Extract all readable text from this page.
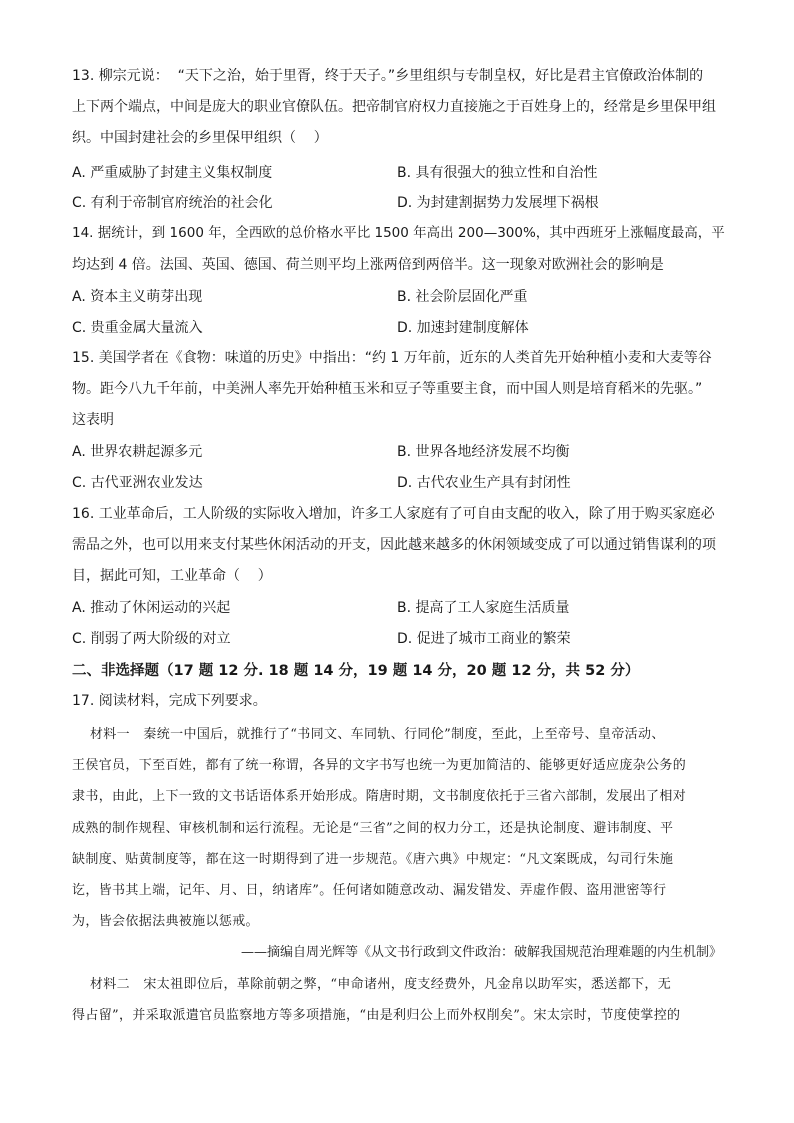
13. 柳宗元说：  “天下之治，始于里胥，终于天子。”乡里组织与专制皇权，好比是君主官僚政治体制的
上下两个端点，中间是庞大的职业官僚队伍。把帝制官府权力直接施之于百姓身上的，经常是乡里保甲组
织。中国封建社会的乡里保甲组织（    ）
A. 严重威胁了封建主义集权制度	B. 具有很强大的独立性和自治性
C. 有利于帝制官府统治的社会化	D. 为封建割据势力发展埋下祸根
14. 据统计，到 1600 年，全西欧的总价格水平比 1500 年高出 200—300%，其中西班牙上涨幅度最高，平
均达到 4 倍。法国、英国、德国、荷兰则平均上涨两倍到两倍半。这一现象对欧洲社会的影响是
A. 资本主义萌芽出现	B. 社会阶层固化严重
C. 贵重金属大量流入	D. 加速封建制度解体
15. 美国学者在《食物：味道的历史》中指出：“约 1 万年前，近东的人类首先开始种植小麦和大麦等谷
物。距今八九千年前，中美洲人率先开始种植玉米和豆子等重要主食，而中国人则是培育稻米的先驱。”
这表明
A. 世界农耕起源多元	B. 世界各地经济发展不均衡
C. 古代亚洲农业发达	D. 古代农业生产具有封闭性
16. 工业革命后，工人阶级的实际收入增加，许多工人家庭有了可自由支配的收入，除了用于购买家庭必
需品之外，也可以用来支付某些休闲活动的开支，因此越来越多的休闲领域变成了可以通过销售谋利的项
目，据此可知，工业革命（    ）
A. 推动了休闲运动的兴起	B. 提高了工人家庭生活质量
C. 削弱了两大阶级的对立	D. 促进了城市工商业的繁荣
二、非选择题（17 题 12 分. 18 题 14 分，19 题 14 分，20 题 12 分，共 52 分）
17. 阅读材料，完成下列要求。
材料一   秦统一中国后，就推行了“书同文、车同轨、行同伦”制度，至此，上至帝号、皇帝活动、
王侯官员，下至百姓，都有了统一称谓，各异的文字书写也统一为更加简洁的、能够更好适应庞杂公务的
隶书，由此，上下一致的文书话语体系开始形成。隋唐时期，文书制度依托于三省六部制，发展出了相对
成熟的制作规程、审核机制和运行流程。无论是“三省”之间的权力分工，还是执论制度、避讳制度、平
缺制度、贴黄制度等，都在这一时期得到了进一步规范。《唐六典》中规定：“凡文案既成，勾司行朱施
讫，皆书其上端，记年、月、日，纳诸库”。任何诸如随意改动、漏发错发、弄虚作假、盗用泄密等行
为，皆会依据法典被施以惩戒。
——摘编自周光辉等《从文书行政到文件政治：破解我国规范治理难题的内生机制》
材料二   宋太祖即位后，革除前朝之弊，“申命诸州，度支经费外，凡金帛以助军实，悉送都下，无
得占留”，并采取派遣官员监察地方等多项措施，“由是利归公上而外权削矣”。宋太宗时，节度使掌控的
